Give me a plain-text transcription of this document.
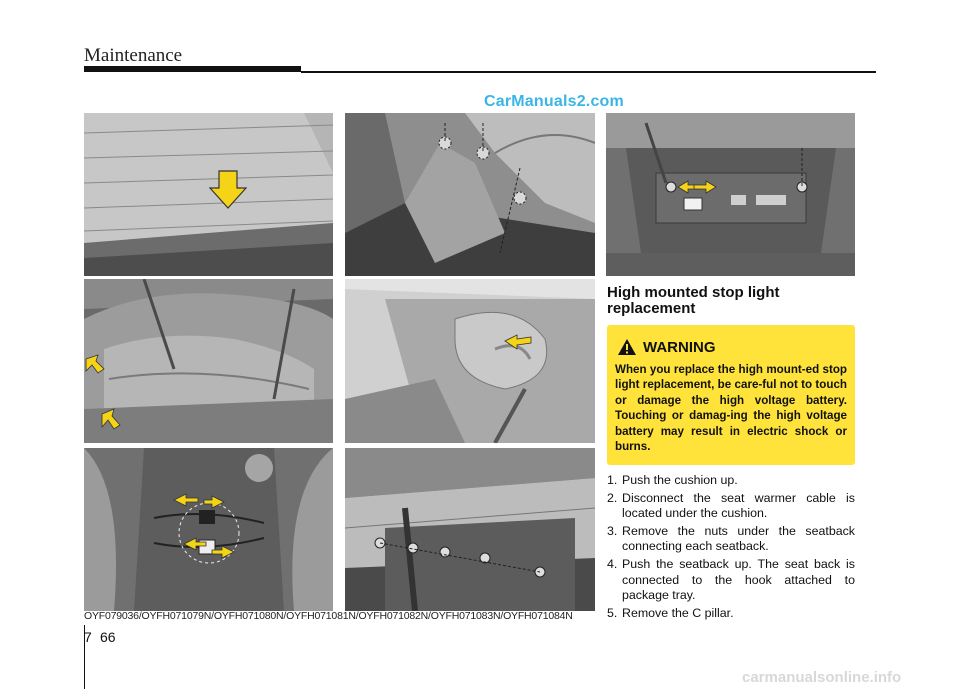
Maintenance
CarManuals2.com
OYF079036/OYFH071079N/OYFH071080N/OYFH071081N/OYFH071082N/OYFH071083N/OYFH071084N
High mounted stop light replacement
WARNING
When you replace the high mount-ed stop light replacement, be care-ful not to touch or damage the high voltage battery. Touching or damag-ing the high voltage battery may result in electric shock or burns.
1. Push the cushion up.
2. Disconnect the seat warmer cable is located under the cushion.
3. Remove the nuts under the seatback connecting each seatback.
4. Push the seatback up. The seat back is connected to the hook attached to package tray.
5. Remove the C pillar.
7 66
carmanualsonline.info
